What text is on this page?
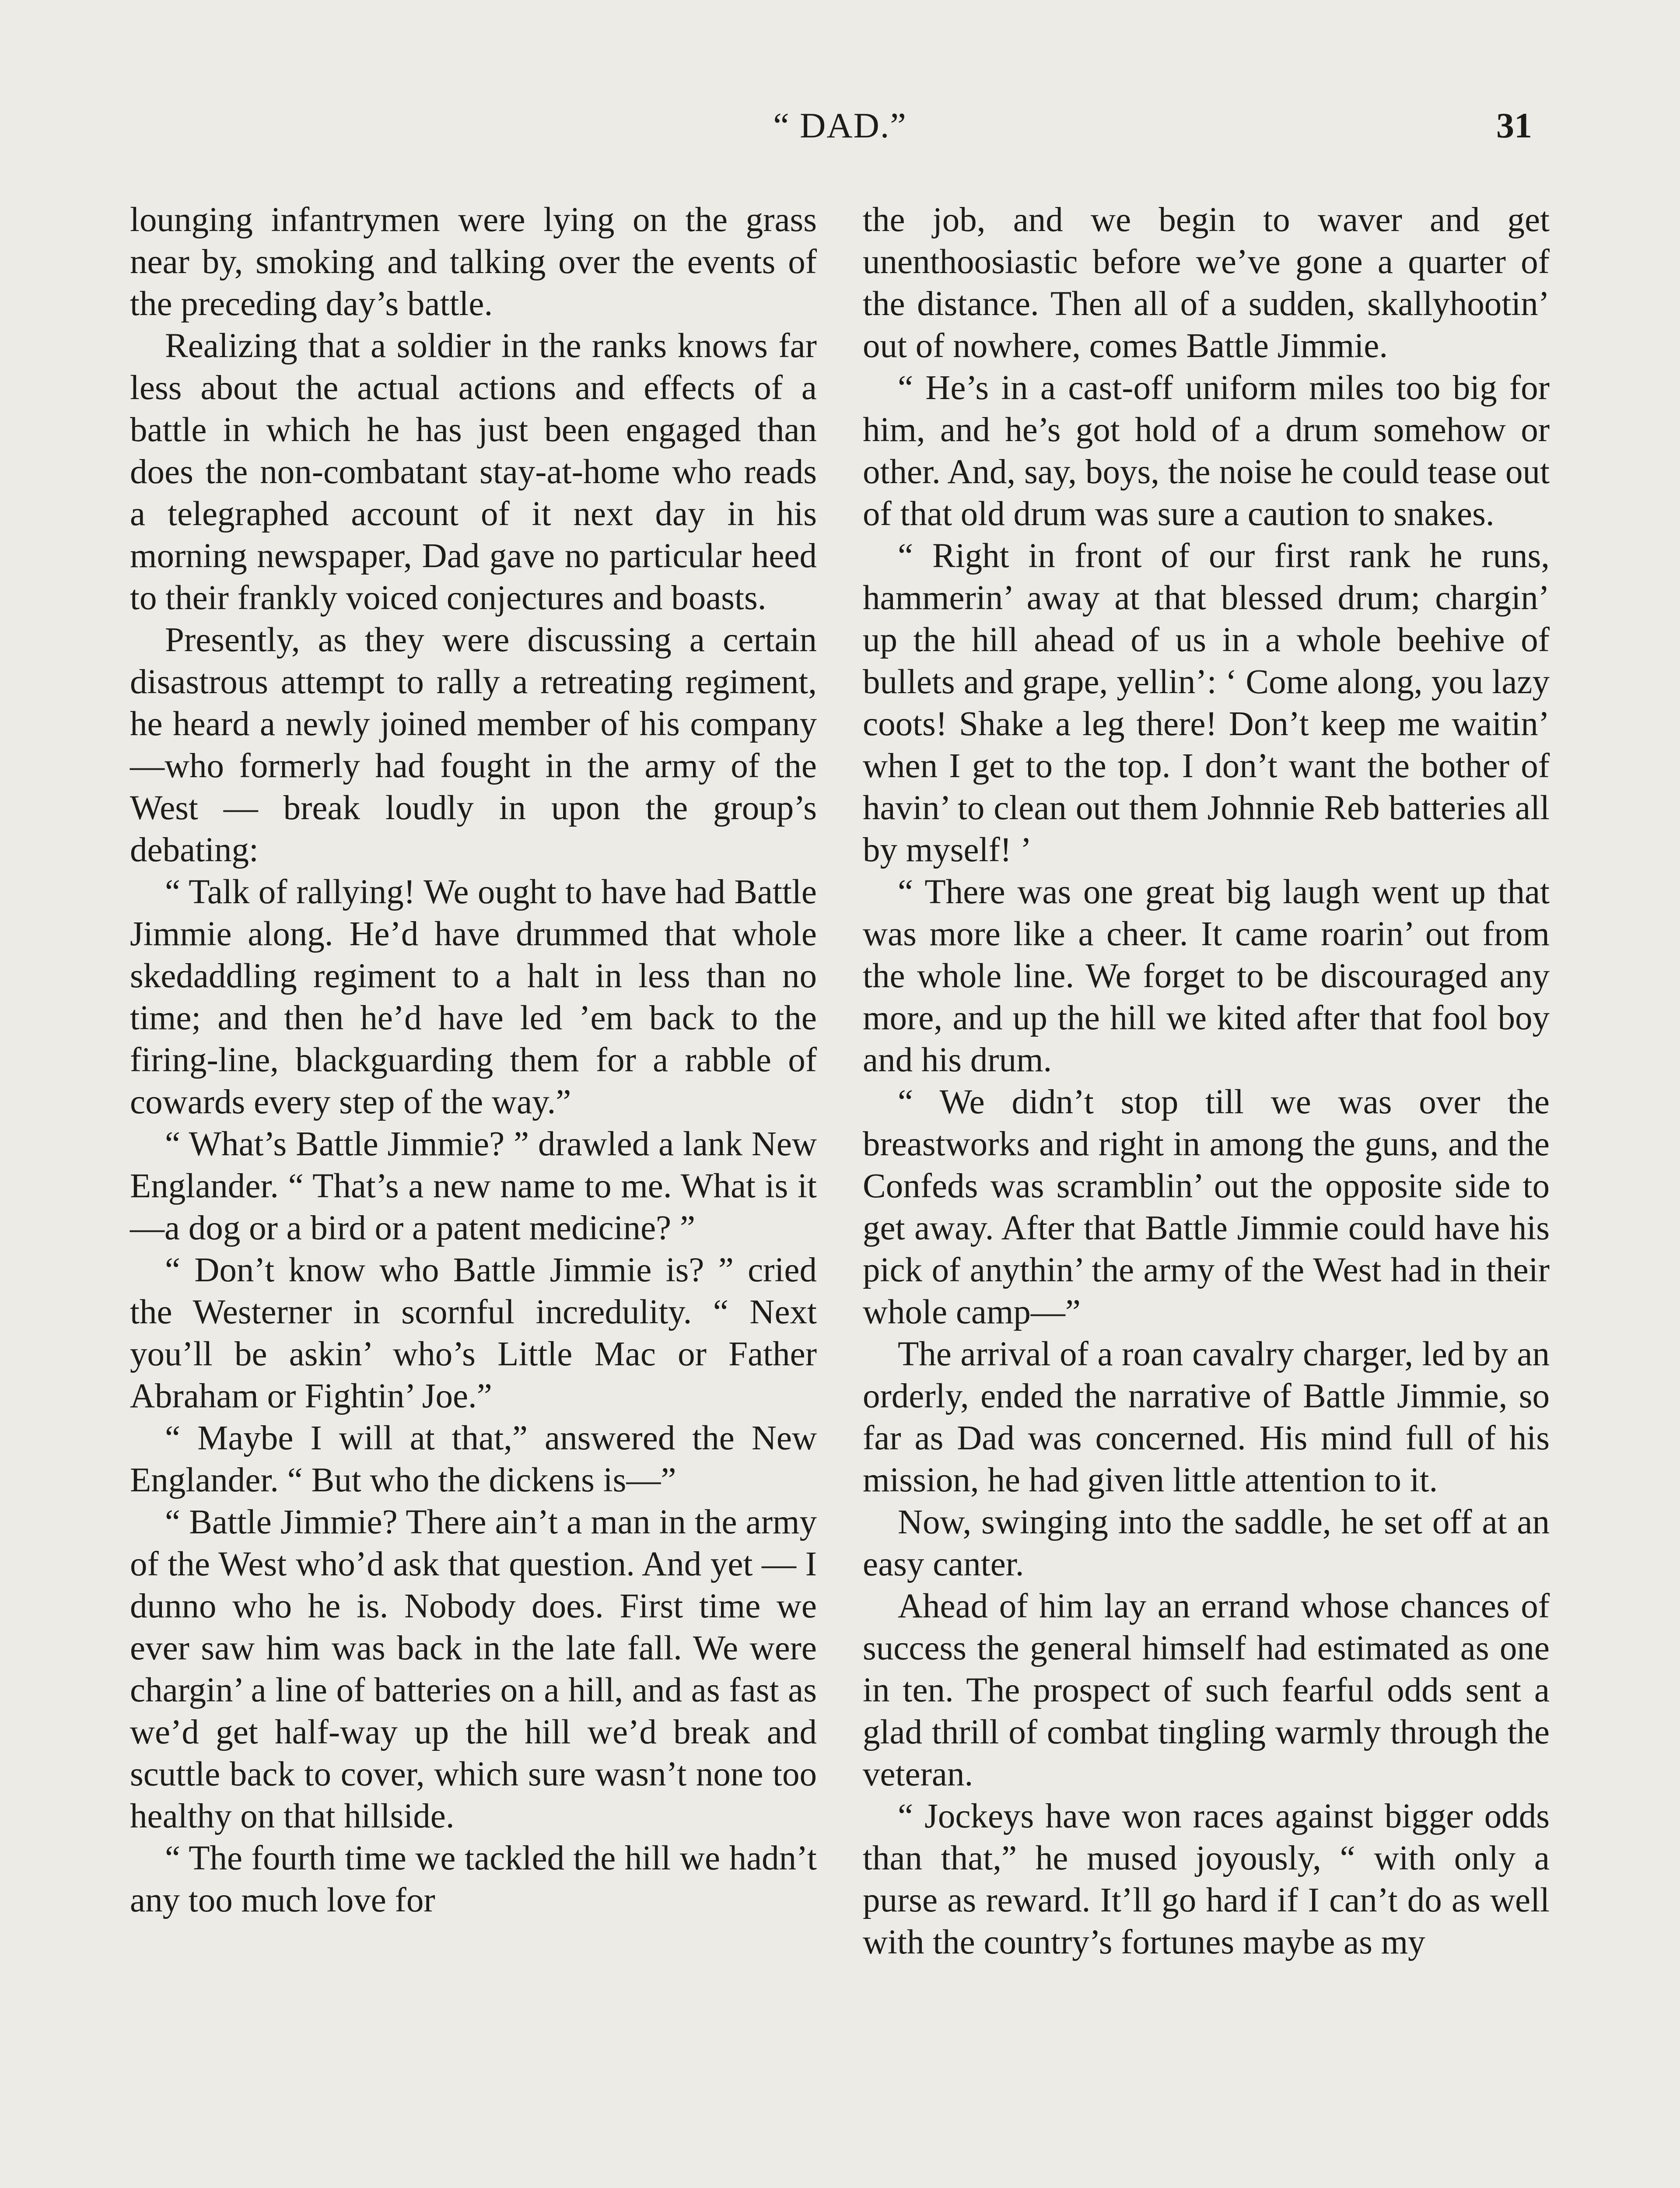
“ DAD.”	31

lounging infantrymen were lying on the grass near by, smoking and talking over the events of the preceding day’s battle.

Realizing that a soldier in the ranks knows far less about the actual actions and effects of a battle in which he has just been engaged than does the non-combatant stay-at-home who reads a telegraphed account of it next day in his morning newspaper, Dad gave no particular heed to their frankly voiced conjectures and boasts.

Presently, as they were discussing a certain disastrous attempt to rally a retreating regiment, he heard a newly joined member of his company—who formerly had fought in the army of the West — break loudly in upon the group’s debating:

“ Talk of rallying! We ought to have had Battle Jimmie along. He’d have drummed that whole skedaddling regiment to a halt in less than no time; and then he’d have led ’em back to the firing-line, blackguarding them for a rabble of cowards every step of the way.”

“ What’s Battle Jimmie? ” drawled a lank New Englander. “ That’s a new name to me. What is it—a dog or a bird or a patent medicine? ”

“ Don’t know who Battle Jimmie is? ” cried the Westerner in scornful incredulity. “ Next you’ll be askin’ who’s Little Mac or Father Abraham or Fightin’ Joe.”

“ Maybe I will at that,” answered the New Englander. “ But who the dickens is—”

“ Battle Jimmie? There ain’t a man in the army of the West who’d ask that question. And yet — I dunno who he is. Nobody does. First time we ever saw him was back in the late fall. We were chargin’ a line of batteries on a hill, and as fast as we’d get half-way up the hill we’d break and scuttle back to cover, which sure wasn’t none too healthy on that hillside.

“ The fourth time we tackled the hill we hadn’t any too much love for

the job, and we begin to waver and get unenthoosiastic before we’ve gone a quarter of the distance. Then all of a sudden, skallyhootin’ out of nowhere, comes Battle Jimmie.

“ He’s in a cast-off uniform miles too big for him, and he’s got hold of a drum somehow or other. And, say, boys, the noise he could tease out of that old drum was sure a caution to snakes.

“ Right in front of our first rank he runs, hammerin’ away at that blessed drum; chargin’ up the hill ahead of us in a whole beehive of bullets and grape, yellin’: ‘ Come along, you lazy coots! Shake a leg there! Don’t keep me waitin’ when I get to the top. I don’t want the bother of havin’ to clean out them Johnnie Reb batteries all by myself! ’

“ There was one great big laugh went up that was more like a cheer. It came roarin’ out from the whole line. We forget to be discouraged any more, and up the hill we kited after that fool boy and his drum.

“ We didn’t stop till we was over the breastworks and right in among the guns, and the Confeds was scramblin’ out the opposite side to get away. After that Battle Jimmie could have his pick of anythin’ the army of the West had in their whole camp—”

The arrival of a roan cavalry charger, led by an orderly, ended the narrative of Battle Jimmie, so far as Dad was concerned. His mind full of his mission, he had given little attention to it.

Now, swinging into the saddle, he set off at an easy canter.

Ahead of him lay an errand whose chances of success the general himself had estimated as one in ten. The prospect of such fearful odds sent a glad thrill of combat tingling warmly through the veteran.

“ Jockeys have won races against bigger odds than that,” he mused joyously, “ with only a purse as reward. It’ll go hard if I can’t do as well with the country’s fortunes maybe as my
